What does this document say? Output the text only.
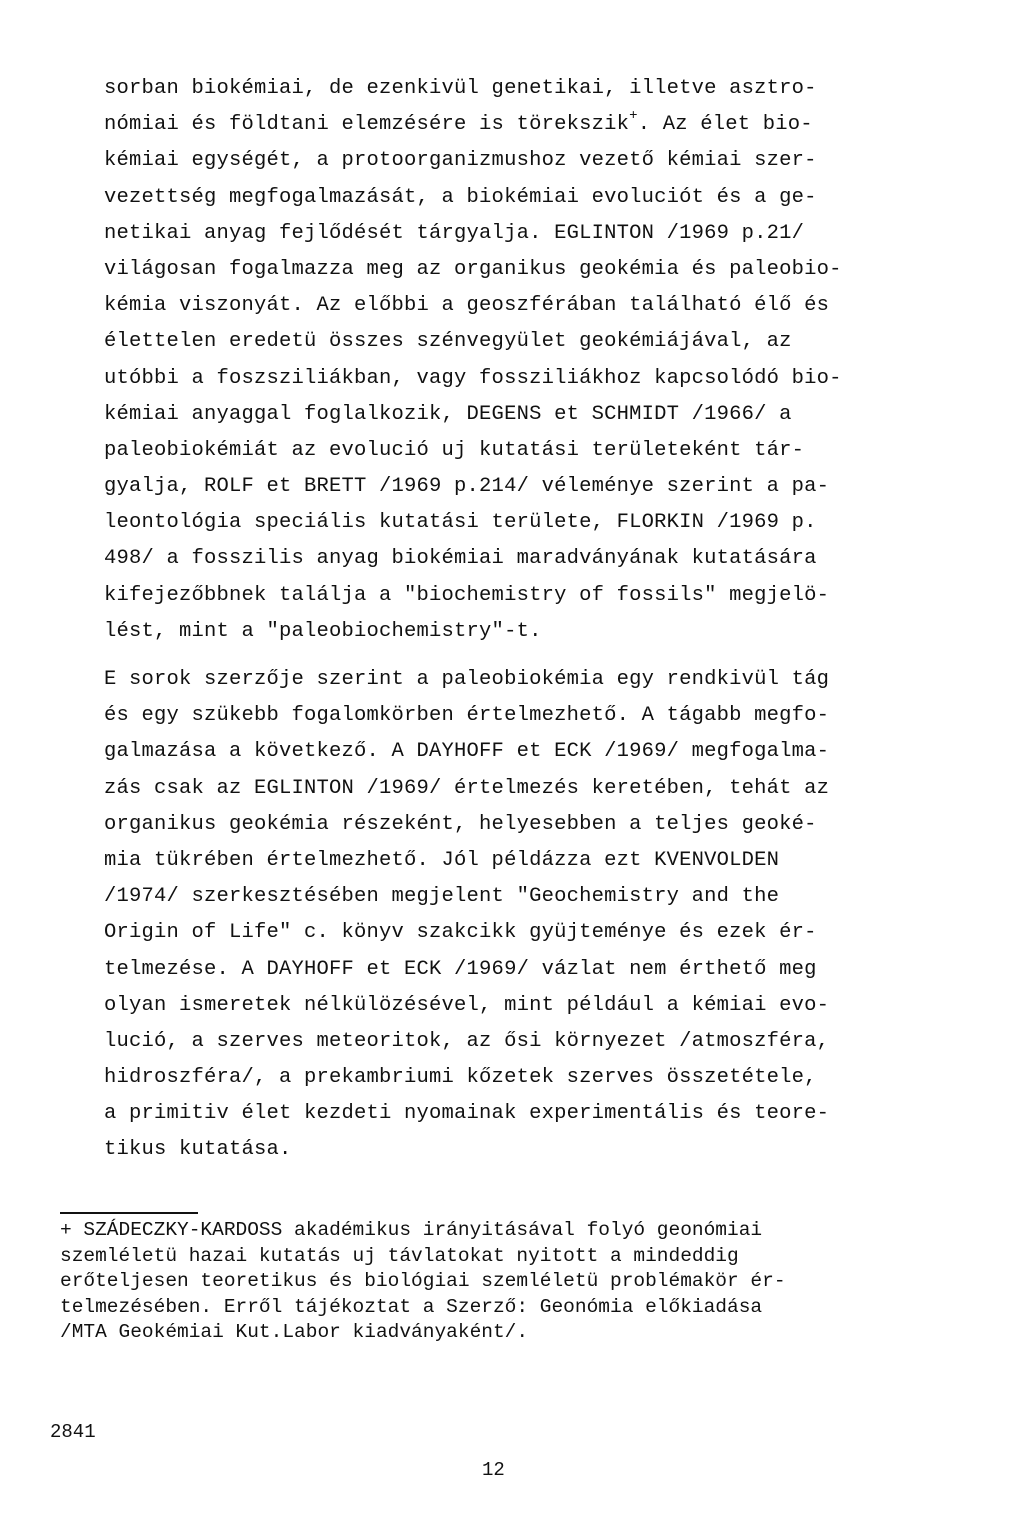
sorban biokémiai, de ezenkivül genetikai, illetve asztro-
nómiai és földtani elemzésére is törekszik+. Az élet bio-
kémiai egységét, a protoorganizmushoz vezető kémiai szer-
vezettség megfogalmazását, a biokémiai evoluciót és a ge-
netikai anyag fejlődését tárgyalja. EGLINTON /1969 p.21/
világosan fogalmazza meg az organikus geokémia és paleobio-
kémia viszonyát. Az előbbi a geoszférában található élő és
élettelen eredetü összes szénvegyület geokémiájával, az
utóbbi a foszsziliákban, vagy fossziliákhoz kapcsolódó bio-
kémiai anyaggal foglalkozik, DEGENS et SCHMIDT /1966/ a
paleobiokémiát az evolució uj kutatási területeként tár-
gyalja, ROLF et BRETT /1969 p.214/ véleménye szerint a pa-
leontológia speciális kutatási területe, FLORKIN /1969 p.
498/ a fosszilis anyag biokémiai maradványának kutatására
kifejezőbbnek találja a "biochemistry of fossils" megjelö-
lést, mint a "paleobiochemistry"-t.
E sorok szerzője szerint a paleobiokémia egy rendkivül tág
és egy szükebb fogalomkörben értelmezhető. A tágabb megfo-
galmazása a következő. A DAYHOFF et ECK /1969/ megfogalma-
zás csak az EGLINTON /1969/ értelmezés keretében, tehát az
organikus geokémia részeként, helyesebben a teljes geoké-
mia tükrében értelmezhető. Jól példázza ezt KVENVOLDEN
/1974/ szerkesztésében megjelent "Geochemistry and the
Origin of Life" c. könyv szakcikk gyüjteménye és ezek ér-
telmezése. A DAYHOFF et ECK /1969/ vázlat nem érthető meg
olyan ismeretek nélkülözésével, mint például a kémiai evo-
lució, a szerves meteoritok, az ősi környezet /atmoszféra,
hidroszféra/, a prekambriumi kőzetek szerves összetétele,
a primitiv élet kezdeti nyomainak experimentális és teore-
tikus kutatása.
+ SZÁDECZKY-KARDOSS akadémikus irányitásával folyó geonómiai
szemléletü hazai kutatás uj távlatokat nyitott a mindeddig
erőteljesen teoretikus és biológiai szemléletü problémakör ér-
telmezésében. Erről tájékoztat a Szerző: Geonómia előkiadása
/MTA Geokémiai Kut.Labor kiadványaként/.
2841
12
